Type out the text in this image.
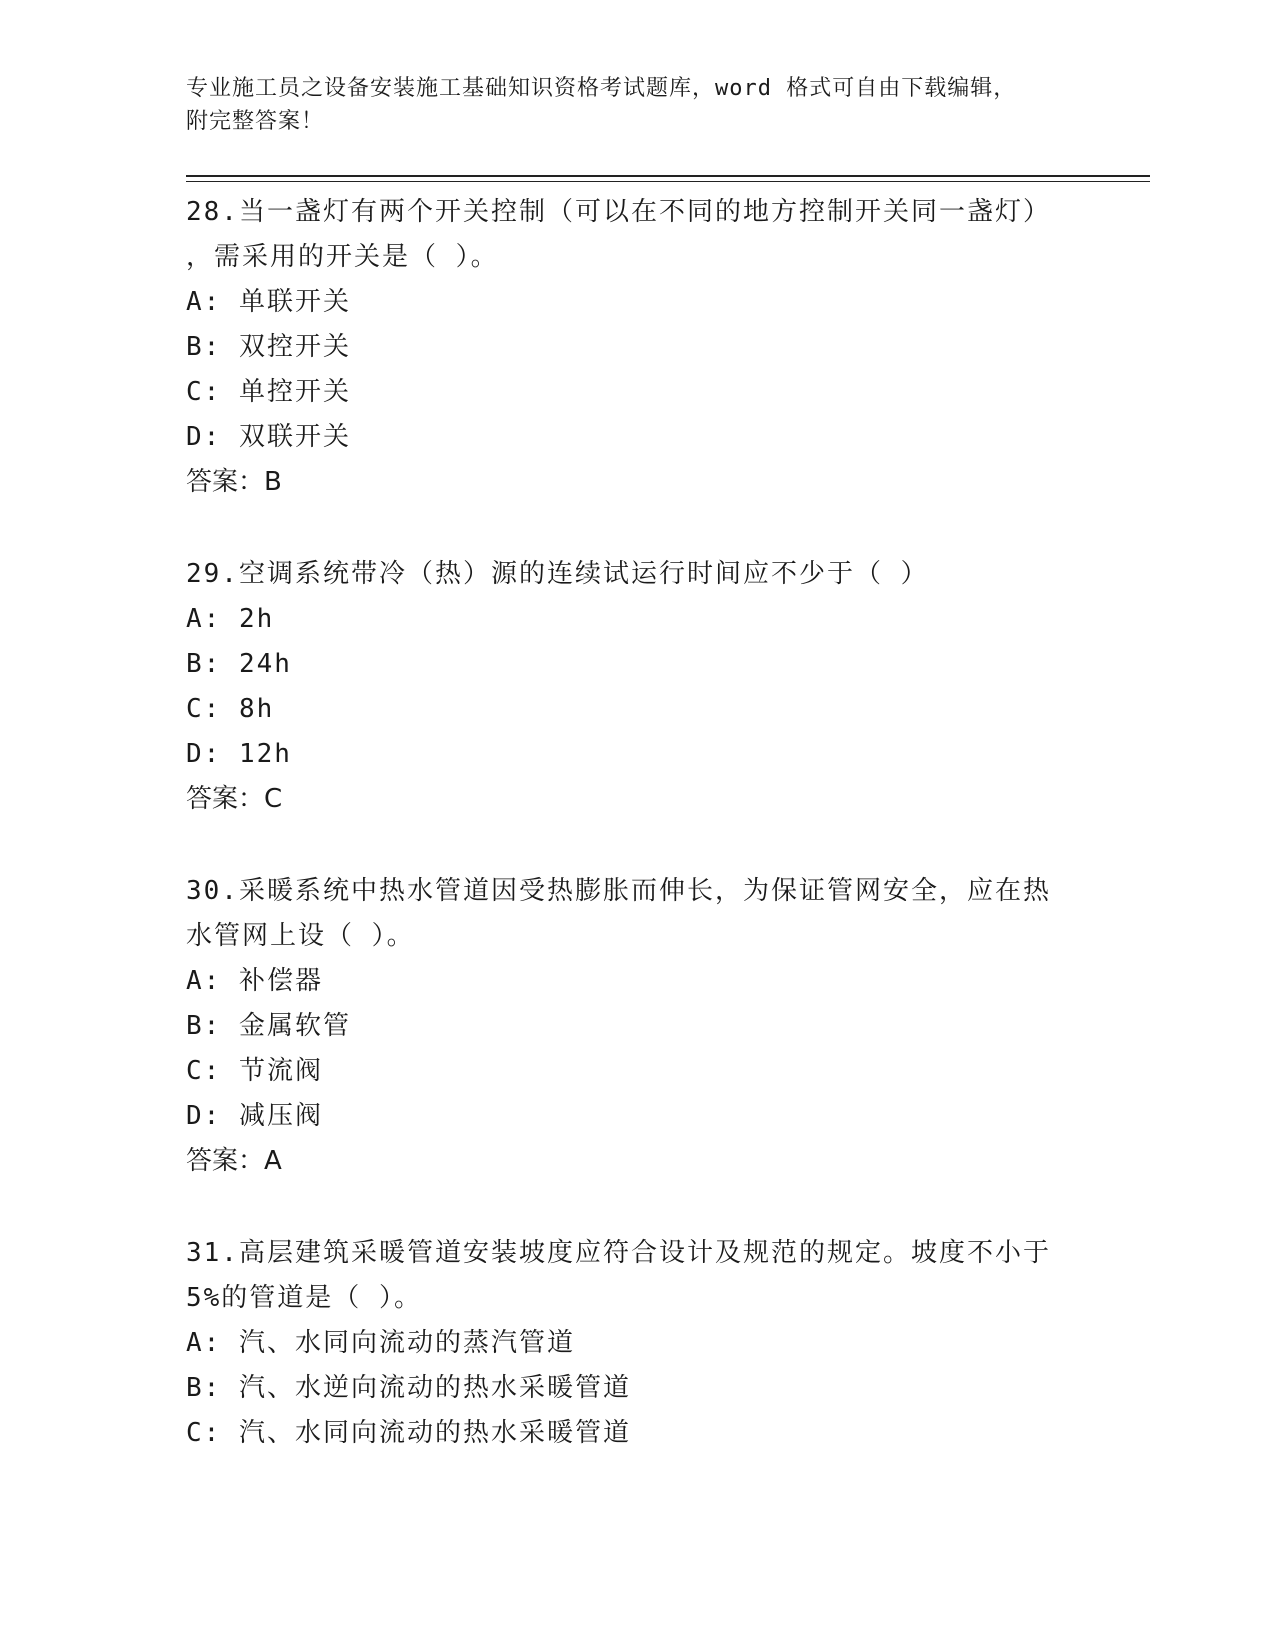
专业施工员之设备安装施工基础知识资格考试题库，word 格式可自由下载编辑，
附完整答案！
28.当一盏灯有两个开关控制（可以在不同的地方控制开关同一盏灯）
，需采用的开关是（ ）。
A: 单联开关
B: 双控开关
C: 单控开关
D: 双联开关
答案：B
29.空调系统带冷（热）源的连续试运行时间应不少于（ ）
A: 2h
B: 24h
C: 8h
D: 12h
答案：C
30.采暖系统中热水管道因受热膨胀而伸长，为保证管网安全，应在热
水管网上设（ ）。
A: 补偿器
B: 金属软管
C: 节流阀
D: 减压阀
答案：A
31.高层建筑采暖管道安装坡度应符合设计及规范的规定。坡度不小于
5%的管道是（ ）。
A: 汽、水同向流动的蒸汽管道
B: 汽、水逆向流动的热水采暖管道
C: 汽、水同向流动的热水采暖管道
